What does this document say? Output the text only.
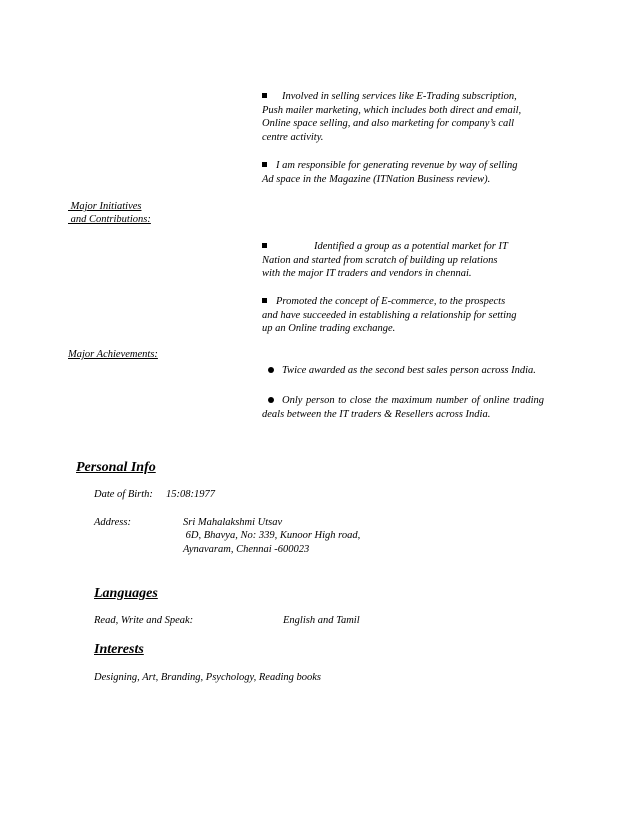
Involved in selling services like E-Trading subscription,
Push mailer marketing, which includes both direct and email,
Online space selling, and also marketing for company’s call
centre activity.
I am responsible for generating revenue by way of selling
Ad space in the Magazine (ITNation Business review).
Major Initiatives
and Contributions:
Identified a group as a potential market for IT
Nation and started from scratch of building up relations
with the major IT traders and vendors in chennai.
Promoted the concept of E-commerce, to the prospects
and have succeeded in establishing a relationship for setting
up an Online trading exchange.
Major Achievements:
Twice awarded as the second best sales person across India.
Only person to close the maximum number of online trading deals between the IT traders & Resellers across India.
Personal Info
Date of Birth: 15:08:1977
Address:	Sri Mahalakshmi Utsav
6D, Bhavya, No: 339, Kunoor High road,
Aynavaram, Chennai -600023
Languages
Read, Write and Speak:	English and Tamil
Interests
Designing, Art, Branding, Psychology, Reading books
